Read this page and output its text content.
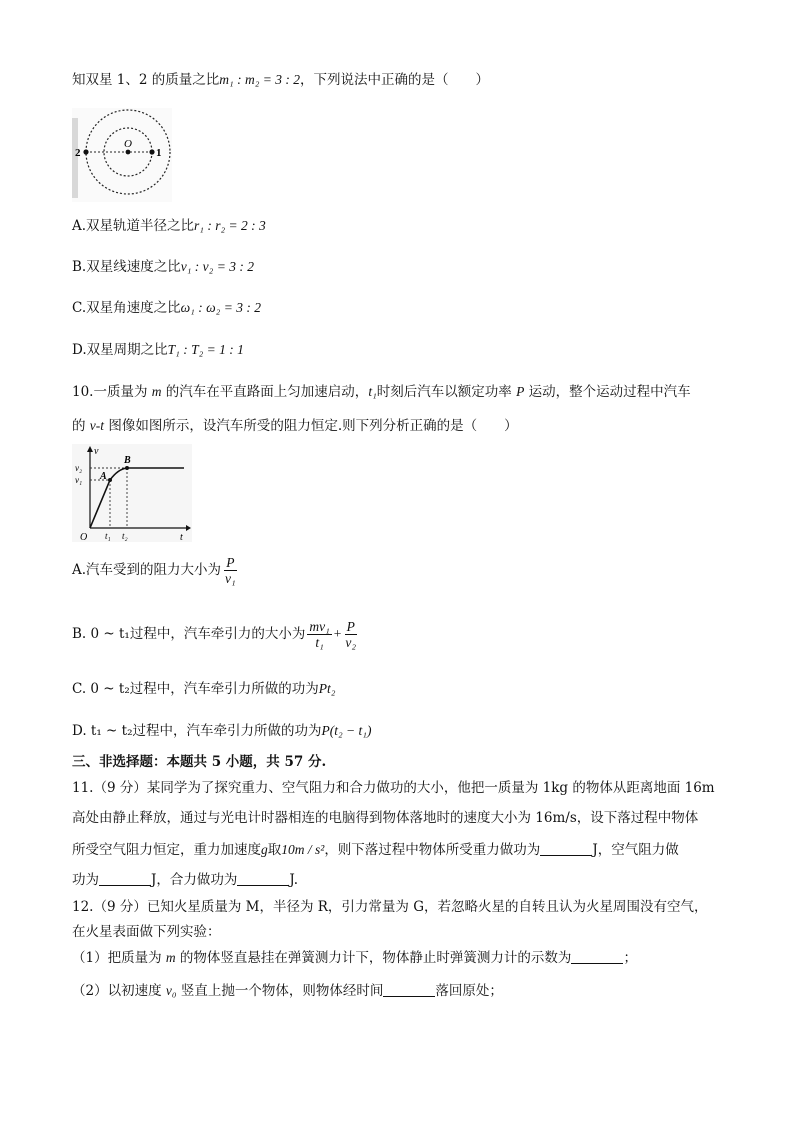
知双星 1、2 的质量之比m₁ : m₂ = 3 : 2，下列说法中正确的是（　　）
2
O
1
A.双星轨道半径之比r₁ : r₂ = 2 : 3
B.双星线速度之比v₁ : v₂ = 3 : 2
C.双星角速度之比ω₁ : ω₂ = 3 : 2
D.双星周期之比T₁ : T₂ = 1 : 1
10.一质量为 m 的汽车在平直路面上匀加速启动，t₁时刻后汽车以额定功率 P 运动，整个运动过程中汽车
的 v-t 图像如图所示，设汽车所受的阻力恒定.则下列分析正确的是（　　）
v
t
O
v₂
v₁
t₁ t₂
A
B
A.汽车受到的阻力大小为 $\frac{P}{\text{v₁}}$
B. 0 ~ t₁过程中，汽车牵引力的大小为 $\frac{\text{mv₁}}{\text{t₁}} + \frac{P}{\text{v₂}}$
C. 0 ~ t₂过程中，汽车牵引力所做的功为Pt₂
D. t₁ ~ t₂过程中，汽车牵引力所做的功为P(t₂ − t₁)
三、非选择题：本题共 5 小题，共 57 分.
11.（9 分）某同学为了探究重力、空气阻力和合力做功的大小，他把一质量为 1kg 的物体从距离地面 16m
高处由静止释放，通过与光电计时器相连的电脑得到物体落地时的速度大小为 16m/s，设下落过程中物体
所受空气阻力恒定，重力加速度g取10m / s²，则下落过程中物体所受重力做功为	J，空气阻力做
功为	J，合力做功为	J.
12.（9 分）已知火星质量为 M，半径为 R，引力常量为 G，若忽略火星的自转且认为火星周围没有空气，
在火星表面做下列实验：
（1）把质量为 m 的物体竖直悬挂在弹簧测力计下，物体静止时弹簧测力计的示数为	；
（2）以初速度 v₀ 竖直上抛一个物体，则物体经时间	落回原处；
